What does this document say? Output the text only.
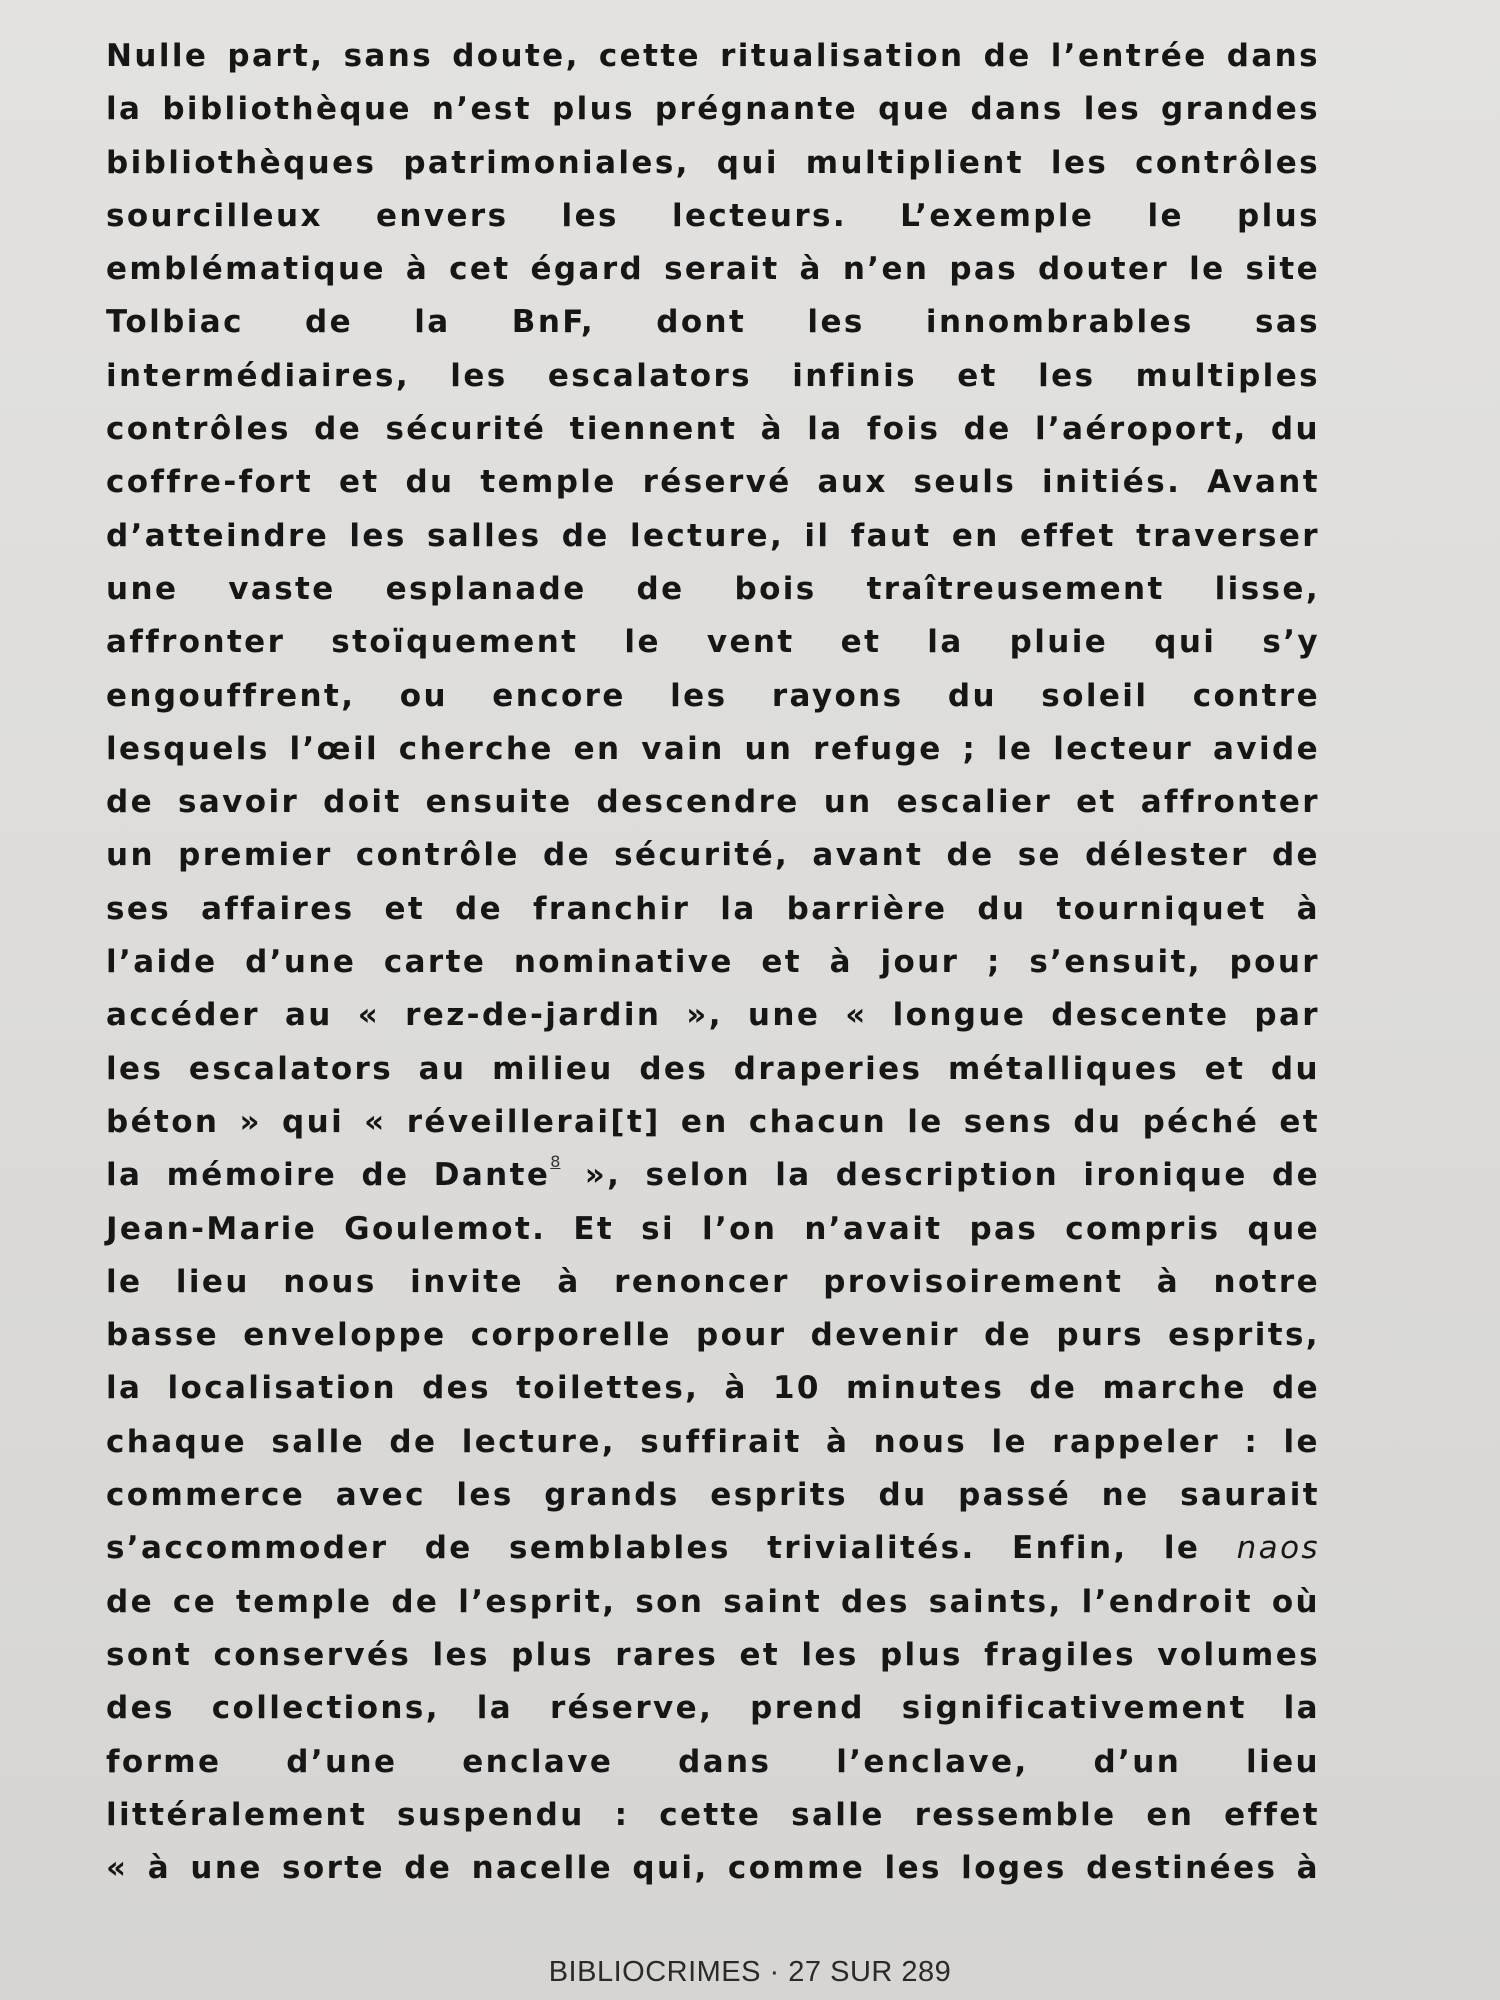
Nulle part, sans doute, cette ritualisation de l’entrée dans
la bibliothèque n’est plus prégnante que dans les grandes
bibliothèques patrimoniales, qui multiplient les contrôles
sourcilleux envers les lecteurs. L’exemple le plus
emblématique à cet égard serait à n’en pas douter le site
Tolbiac de la BnF, dont les innombrables sas
intermédiaires, les escalators infinis et les multiples
contrôles de sécurité tiennent à la fois de l’aéroport, du
coffre-fort et du temple réservé aux seuls initiés. Avant
d’atteindre les salles de lecture, il faut en effet traverser
une vaste esplanade de bois traîtreusement lisse,
affronter stoïquement le vent et la pluie qui s’y
engouffrent, ou encore les rayons du soleil contre
lesquels l’œil cherche en vain un refuge ; le lecteur avide
de savoir doit ensuite descendre un escalier et affronter
un premier contrôle de sécurité, avant de se délester de
ses affaires et de franchir la barrière du tourniquet à
l’aide d’une carte nominative et à jour ; s’ensuit, pour
accéder au « rez-de-jardin », une « longue descente par
les escalators au milieu des draperies métalliques et du
béton » qui « réveillerai[t] en chacun le sens du péché et
la mémoire de Dante8 », selon la description ironique de
Jean-Marie Goulemot. Et si l’on n’avait pas compris que
le lieu nous invite à renoncer provisoirement à notre
basse enveloppe corporelle pour devenir de purs esprits,
la localisation des toilettes, à 10 minutes de marche de
chaque salle de lecture, suffirait à nous le rappeler : le
commerce avec les grands esprits du passé ne saurait
s’accommoder de semblables trivialités. Enfin, le naos
de ce temple de l’esprit, son saint des saints, l’endroit où
sont conservés les plus rares et les plus fragiles volumes
des collections, la réserve, prend significativement la
forme d’une enclave dans l’enclave, d’un lieu
littéralement suspendu : cette salle ressemble en effet
« à une sorte de nacelle qui, comme les loges destinées à
BIBLIOCRIMES · 27 SUR 289
